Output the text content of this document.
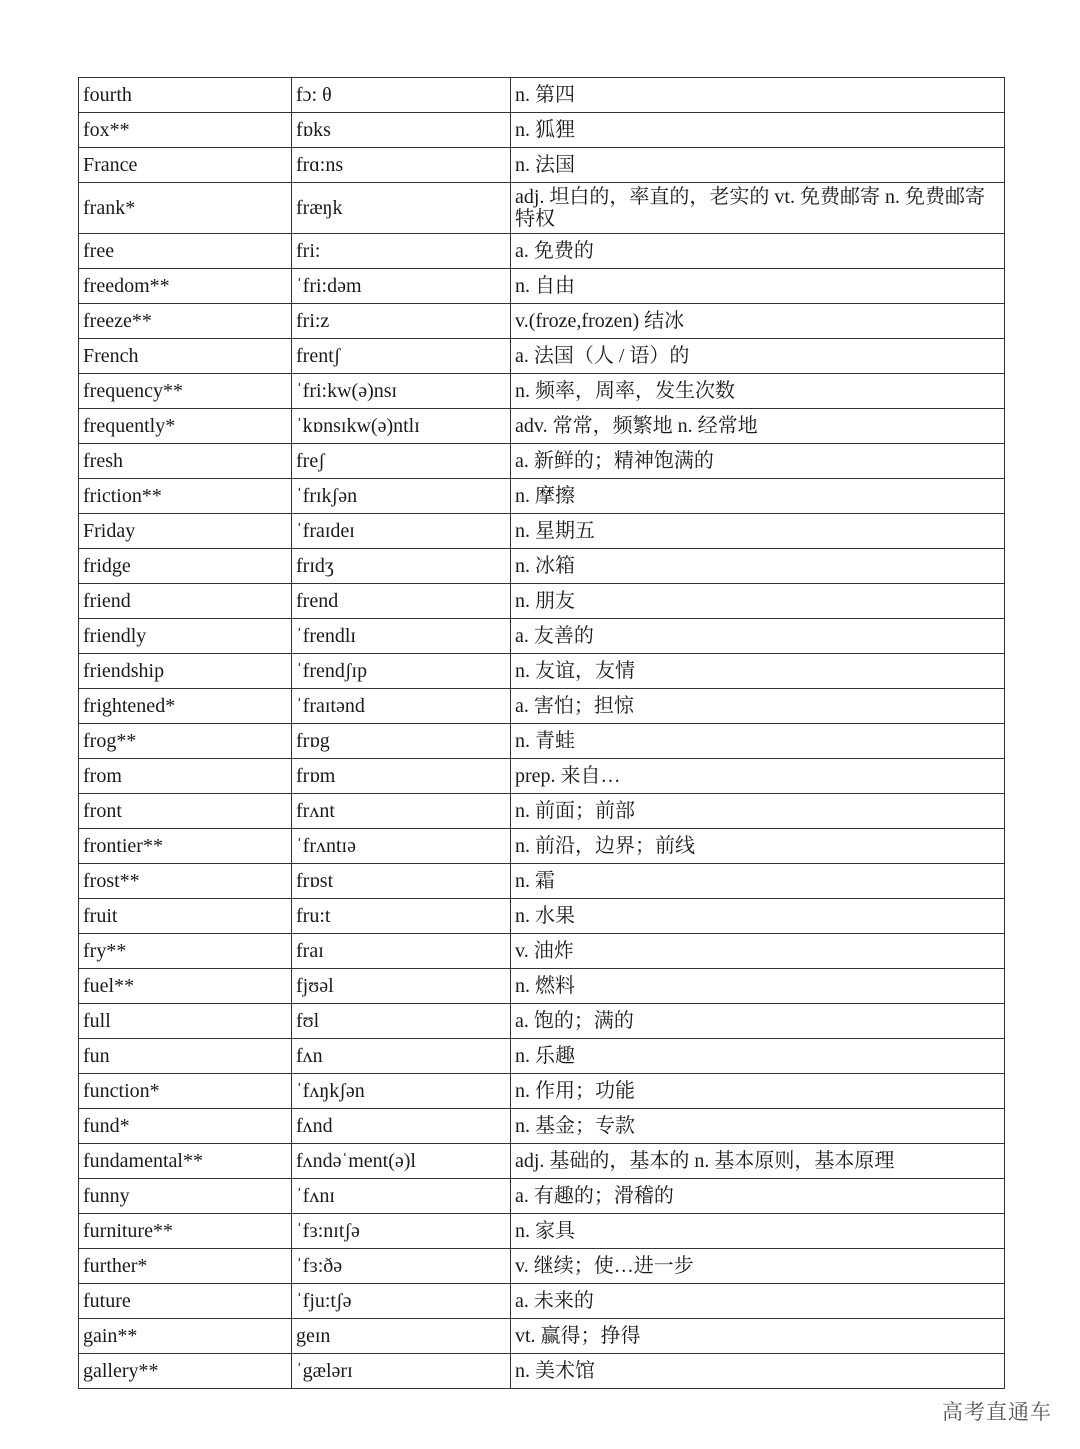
fourth	fɔ: θ	n. 第四
fox**	fɒks	n. 狐狸
France	frɑ:ns	n. 法国
frank*	fræŋk	adj. 坦白的，率直的，老实的 vt. 免费邮寄 n. 免费邮寄特权
free	fri:	a. 免费的
freedom**	ˈfri:dəm	n. 自由
freeze**	fri:z	v.(froze,frozen) 结冰
French	frentʃ	a. 法国（人 / 语）的
frequency**	ˈfri:kw(ə)nsɪ	n. 频率，周率，发生次数
frequently*	ˈkɒnsɪkw(ə)ntlɪ	adv. 常常，频繁地 n. 经常地
fresh	freʃ	a. 新鲜的；精神饱满的
friction**	ˈfrɪkʃən	n. 摩擦
Friday	ˈfraɪdeɪ	n. 星期五
fridge	frɪdʒ	n. 冰箱
friend	frend	n. 朋友
friendly	ˈfrendlɪ	a. 友善的
friendship	ˈfrendʃɪp	n. 友谊，友情
frightened*	ˈfraɪtənd	a. 害怕；担惊
frog**	frɒg	n. 青蛙
from	frɒm	prep. 来自…
front	frʌnt	n. 前面；前部
frontier**	ˈfrʌntɪə	n. 前沿，边界；前线
frost**	frɒst	n. 霜
fruit	fru:t	n. 水果
fry**	fraɪ	v. 油炸
fuel**	fjʊəl	n. 燃料
full	fʊl	a. 饱的；满的
fun	fʌn	n. 乐趣
function*	ˈfʌŋkʃən	n. 作用；功能
fund*	fʌnd	n. 基金；专款
fundamental**	fʌndəˈment(ə)l	adj. 基础的，基本的 n. 基本原则，基本原理
funny	ˈfʌnɪ	a. 有趣的；滑稽的
furniture**	ˈfɜ:nɪtʃə	n. 家具
further*	ˈfɜ:ðə	v. 继续；使…进一步
future	ˈfju:tʃə	a. 未来的
gain**	geɪn	vt. 赢得；挣得
gallery**	ˈgælərɪ	n. 美术馆
高考直通车
